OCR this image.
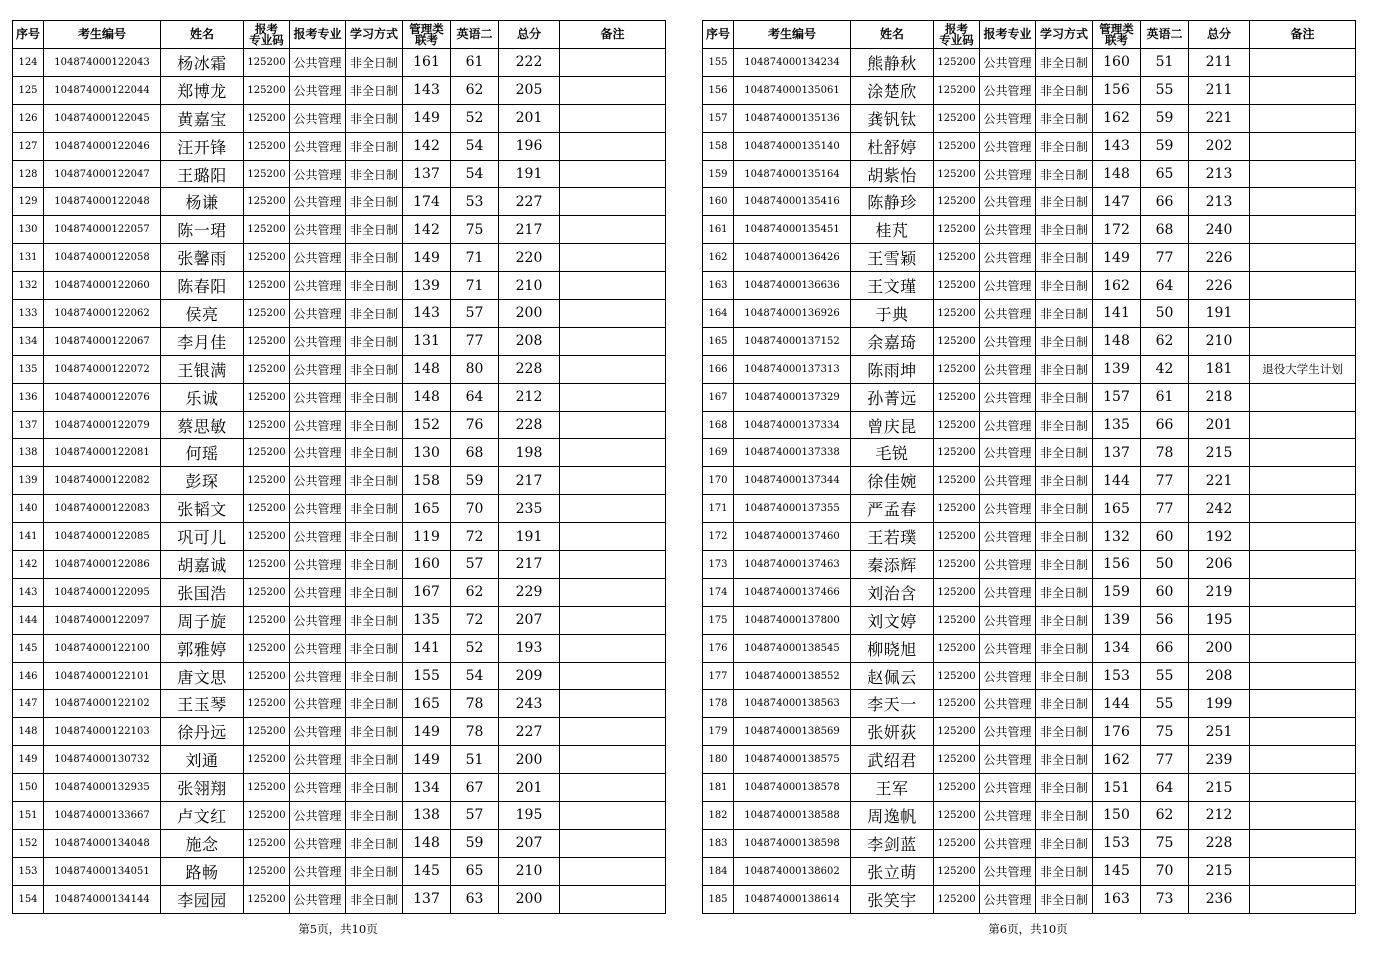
序号	考生编号	姓名	报考
专业码	报考专业	学习方式	管理类
联考	英语二	总分	备注
124	104874000122043	杨冰霜	125200	公共管理	非全日制	161	61	222	
125	104874000122044	郑博龙	125200	公共管理	非全日制	143	62	205	
126	104874000122045	黄嘉宝	125200	公共管理	非全日制	149	52	201	
127	104874000122046	汪开锋	125200	公共管理	非全日制	142	54	196	
128	104874000122047	王璐阳	125200	公共管理	非全日制	137	54	191	
129	104874000122048	杨谦	125200	公共管理	非全日制	174	53	227	
130	104874000122057	陈一珺	125200	公共管理	非全日制	142	75	217	
131	104874000122058	张馨雨	125200	公共管理	非全日制	149	71	220	
132	104874000122060	陈春阳	125200	公共管理	非全日制	139	71	210	
133	104874000122062	侯亮	125200	公共管理	非全日制	143	57	200	
134	104874000122067	李月佳	125200	公共管理	非全日制	131	77	208	
135	104874000122072	王银满	125200	公共管理	非全日制	148	80	228	
136	104874000122076	乐诚	125200	公共管理	非全日制	148	64	212	
137	104874000122079	蔡思敏	125200	公共管理	非全日制	152	76	228	
138	104874000122081	何瑶	125200	公共管理	非全日制	130	68	198	
139	104874000122082	彭琛	125200	公共管理	非全日制	158	59	217	
140	104874000122083	张韬文	125200	公共管理	非全日制	165	70	235	
141	104874000122085	巩可儿	125200	公共管理	非全日制	119	72	191	
142	104874000122086	胡嘉诚	125200	公共管理	非全日制	160	57	217	
143	104874000122095	张国浩	125200	公共管理	非全日制	167	62	229	
144	104874000122097	周子旋	125200	公共管理	非全日制	135	72	207	
145	104874000122100	郭雅婷	125200	公共管理	非全日制	141	52	193	
146	104874000122101	唐文思	125200	公共管理	非全日制	155	54	209	
147	104874000122102	王玉琴	125200	公共管理	非全日制	165	78	243	
148	104874000122103	徐丹远	125200	公共管理	非全日制	149	78	227	
149	104874000130732	刘通	125200	公共管理	非全日制	149	51	200	
150	104874000132935	张翎翔	125200	公共管理	非全日制	134	67	201	
151	104874000133667	卢文红	125200	公共管理	非全日制	138	57	195	
152	104874000134048	施念	125200	公共管理	非全日制	148	59	207	
153	104874000134051	路畅	125200	公共管理	非全日制	145	65	210	
154	104874000134144	李园园	125200	公共管理	非全日制	137	63	200	
第5页，共10页
序号	考生编号	姓名	报考
专业码	报考专业	学习方式	管理类
联考	英语二	总分	备注
155	104874000134234	熊静秋	125200	公共管理	非全日制	160	51	211	
156	104874000135061	涂楚欣	125200	公共管理	非全日制	156	55	211	
157	104874000135136	龚钒钛	125200	公共管理	非全日制	162	59	221	
158	104874000135140	杜舒婷	125200	公共管理	非全日制	143	59	202	
159	104874000135164	胡紫怡	125200	公共管理	非全日制	148	65	213	
160	104874000135416	陈静珍	125200	公共管理	非全日制	147	66	213	
161	104874000135451	桂芃	125200	公共管理	非全日制	172	68	240	
162	104874000136426	王雪颖	125200	公共管理	非全日制	149	77	226	
163	104874000136636	王文瑾	125200	公共管理	非全日制	162	64	226	
164	104874000136926	于典	125200	公共管理	非全日制	141	50	191	
165	104874000137152	余嘉琦	125200	公共管理	非全日制	148	62	210	
166	104874000137313	陈雨坤	125200	公共管理	非全日制	139	42	181	退役大学生计划
167	104874000137329	孙菁远	125200	公共管理	非全日制	157	61	218	
168	104874000137334	曾庆昆	125200	公共管理	非全日制	135	66	201	
169	104874000137338	毛锐	125200	公共管理	非全日制	137	78	215	
170	104874000137344	徐佳婉	125200	公共管理	非全日制	144	77	221	
171	104874000137355	严孟春	125200	公共管理	非全日制	165	77	242	
172	104874000137460	王若璞	125200	公共管理	非全日制	132	60	192	
173	104874000137463	秦添辉	125200	公共管理	非全日制	156	50	206	
174	104874000137466	刘治含	125200	公共管理	非全日制	159	60	219	
175	104874000137800	刘文婷	125200	公共管理	非全日制	139	56	195	
176	104874000138545	柳晓旭	125200	公共管理	非全日制	134	66	200	
177	104874000138552	赵佩云	125200	公共管理	非全日制	153	55	208	
178	104874000138563	李天一	125200	公共管理	非全日制	144	55	199	
179	104874000138569	张妍荻	125200	公共管理	非全日制	176	75	251	
180	104874000138575	武绍君	125200	公共管理	非全日制	162	77	239	
181	104874000138578	王军	125200	公共管理	非全日制	151	64	215	
182	104874000138588	周逸帆	125200	公共管理	非全日制	150	62	212	
183	104874000138598	李剑蓝	125200	公共管理	非全日制	153	75	228	
184	104874000138602	张立萌	125200	公共管理	非全日制	145	70	215	
185	104874000138614	张笑宇	125200	公共管理	非全日制	163	73	236	
第6页，共10页
